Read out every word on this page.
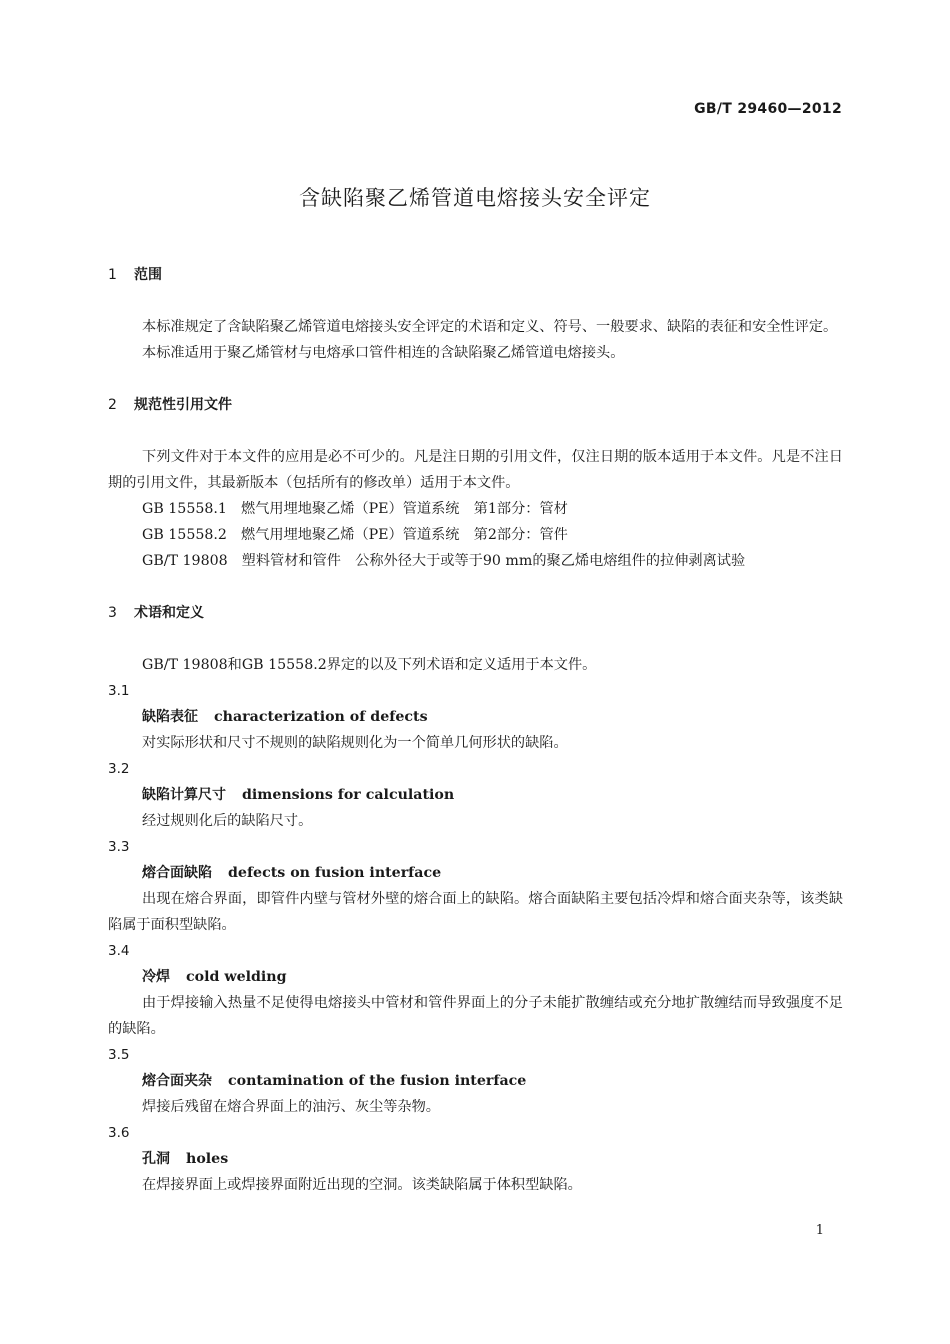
GB/T 29460—2012
含缺陷聚乙烯管道电熔接头安全评定
1 范围
本标准规定了含缺陷聚乙烯管道电熔接头安全评定的术语和定义、符号、一般要求、缺陷的表征和安全性评定。
本标准适用于聚乙烯管材与电熔承口管件相连的含缺陷聚乙烯管道电熔接头。
2 规范性引用文件
下列文件对于本文件的应用是必不可少的。凡是注日期的引用文件，仅注日期的版本适用于本文件。凡是不注日期的引用文件，其最新版本（包括所有的修改单）适用于本文件。
GB 15558.1 燃气用埋地聚乙烯（PE）管道系统　第1部分：管材
GB 15558.2 燃气用埋地聚乙烯（PE）管道系统　第2部分：管件
GB/T 19808 塑料管材和管件　公称外径大于或等于90 mm的聚乙烯电熔组件的拉伸剥离试验
3 术语和定义
GB/T 19808和GB 15558.2界定的以及下列术语和定义适用于本文件。
3.1
缺陷表征 characterization of defects
对实际形状和尺寸不规则的缺陷规则化为一个简单几何形状的缺陷。
3.2
缺陷计算尺寸 dimensions for calculation
经过规则化后的缺陷尺寸。
3.3
熔合面缺陷 defects on fusion interface
出现在熔合界面，即管件内壁与管材外壁的熔合面上的缺陷。熔合面缺陷主要包括冷焊和熔合面夹杂等，该类缺陷属于面积型缺陷。
3.4
冷焊 cold welding
由于焊接输入热量不足使得电熔接头中管材和管件界面上的分子未能扩散缠结或充分地扩散缠结而导致强度不足的缺陷。
3.5
熔合面夹杂 contamination of the fusion interface
焊接后残留在熔合界面上的油污、灰尘等杂物。
3.6
孔洞 holes
在焊接界面上或焊接界面附近出现的空洞。该类缺陷属于体积型缺陷。
1
